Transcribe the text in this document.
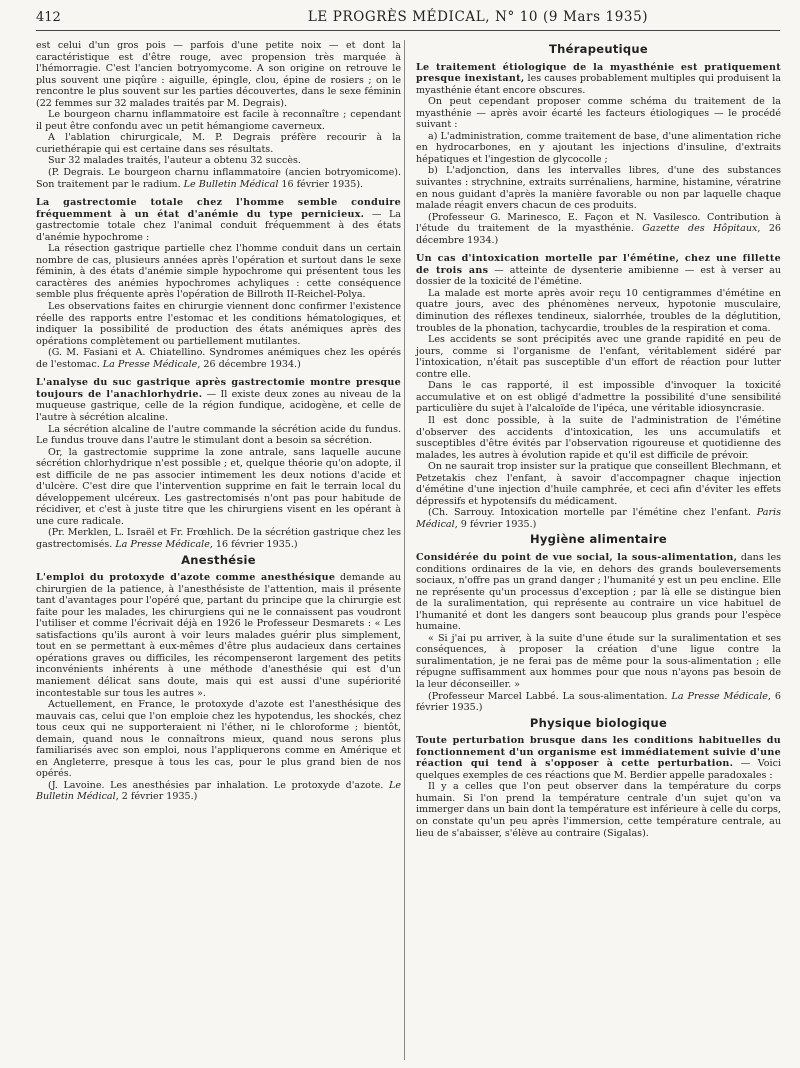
412	LE PROGRÈS MÉDICAL, N° 10 (9 Mars 1935)

est celui d'un gros pois — parfois d'une petite noix — et dont la caractéristique est d'être rouge, avec propension très marquée à l'hémorragie. C'est l'ancien botryomycome. A son origine on retrouve le plus souvent une piqûre : aiguille, épingle, clou, épine de rosiers ; on le rencontre le plus souvent sur les parties découvertes, dans le sexe féminin (22 femmes sur 32 malades traités par M. Degrais).

Le bourgeon charnu inflammatoire est facile à reconnaître ; cependant il peut être confondu avec un petit hémangiome caverneux.

A l'ablation chirurgicale, M. P. Degrais préfère recourir à la curiethérapie qui est certaine dans ses résultats.

Sur 32 malades traités, l'auteur a obtenu 32 succès.

(P. Degrais. Le bourgeon charnu inflammatoire (ancien botryomicome). Son traitement par le radium. Le Bulletin Médical 16 février 1935).

La gastrectomie totale chez l'homme semble conduire fréquemment à un état d'anémie du type pernicieux. — La gastrectomie totale chez l'animal conduit fréquemment à des états d'anémie hypochrome :

La résection gastrique partielle chez l'homme conduit dans un certain nombre de cas, plusieurs années après l'opération et surtout dans le sexe féminin, à des états d'anémie simple hypochrome qui présentent tous les caractères des anémies hypochromes achyliques : cette conséquence semble plus fréquente après l'opération de Billroth II-Reichel-Polya.

Les observations faites en chirurgie viennent donc confirmer l'existence réelle des rapports entre l'estomac et les conditions hématologiques, et indiquer la possibilité de production des états anémiques après des opérations complètement ou partiellement mutilantes.

(G. M. Fasiani et A. Chiatellino. Syndromes anémiques chez les opérés de l'estomac. La Presse Médicale, 26 décembre 1934.)

L'analyse du suc gastrique après gastrectomie montre presque toujours de l'anachlorhydrie. — Il existe deux zones au niveau de la muqueuse gastrique, celle de la région fundique, acidogène, et celle de l'autre à sécrétion alcaline.

La sécrétion alcaline de l'autre commande la sécrétion acide du fundus. Le fundus trouve dans l'autre le stimulant dont a besoin sa sécrétion.

Or, la gastrectomie supprime la zone antrale, sans laquelle aucune sécrétion chlorhydrique n'est possible ; et, quelque théorie qu'on adopte, il est difficile de ne pas associer intimement les deux notions d'acide et d'ulcère. C'est dire que l'intervention supprime en fait le terrain local du développement ulcéreux. Les gastrectomisés n'ont pas pour habitude de récidiver, et c'est à juste titre que les chirurgiens visent en les opérant à une cure radicale.

(Pr. Merklen, L. Israël et Fr. Frœhlich. De la sécrétion gastrique chez les gastrectomisés. La Presse Médicale, 16 février 1935.)

Anesthésie

L'emploi du protoxyde d'azote comme anesthésique demande au chirurgien de la patience, à l'anesthésiste de l'attention, mais il présente tant d'avantages pour l'opéré que, partant du principe que la chirurgie est faite pour les malades, les chirurgiens qui ne le connaissent pas voudront l'utiliser et comme l'écrivait déjà en 1926 le Professeur Desmarets : « Les satisfactions qu'ils auront à voir leurs malades guérir plus simplement, tout en se permettant à eux-mêmes d'être plus audacieux dans certaines opérations graves ou difficiles, les récompenseront largement des petits inconvénients inhérents à une méthode d'anesthésie qui est d'un maniement délicat sans doute, mais qui est aussi d'une supériorité incontestable sur tous les autres ».

Actuellement, en France, le protoxyde d'azote est l'anesthésique des mauvais cas, celui que l'on emploie chez les hypotendus, les shockés, chez tous ceux qui ne supporteraient ni l'éther, ni le chloroforme ; bientôt, demain, quand nous le connaîtrons mieux, quand nous serons plus familiarisés avec son emploi, nous l'appliquerons comme en Amérique et en Angleterre, presque à tous les cas, pour le plus grand bien de nos opérés.

(J. Lavoine. Les anesthésies par inhalation. Le protoxyde d'azote. Le Bulletin Médical, 2 février 1935.)

Thérapeutique

Le traitement étiologique de la myasthénie est pratiquement presque inexistant, les causes probablement multiples qui produisent la myasthénie étant encore obscures.

On peut cependant proposer comme schéma du traitement de la myasthénie — après avoir écarté les facteurs étiologiques — le procédé suivant :

a) L'administration, comme traitement de base, d'une alimentation riche en hydrocarbones, en y ajoutant les injections d'insuline, d'extraits hépatiques et l'ingestion de glycocolle ;

b) L'adjonction, dans les intervalles libres, d'une des substances suivantes : strychnine, extraits surrénaliens, harmine, histamine, vératrine en nous guidant d'après la manière favorable ou non par laquelle chaque malade réagit envers chacun de ces produits.

(Professeur G. Marinesco, E. Façon et N. Vasilesco. Contribution à l'étude du traitement de la myasthénie. Gazette des Hôpitaux, 26 décembre 1934.)

Un cas d'intoxication mortelle par l'émétine, chez une fillette de trois ans — atteinte de dysenterie amibienne — est à verser au dossier de la toxicité de l'émétine.

La malade est morte après avoir reçu 10 centigrammes d'émétine en quatre jours, avec des phénomènes nerveux, hypotonie musculaire, diminution des réflexes tendineux, sialorrhée, troubles de la déglutition, troubles de la phonation, tachycardie, troubles de la respiration et coma.

Les accidents se sont précipités avec une grande rapidité en peu de jours, comme si l'organisme de l'enfant, véritablement sidéré par l'intoxication, n'était pas susceptible d'un effort de réaction pour lutter contre elle.

Dans le cas rapporté, il est impossible d'invoquer la toxicité accumulative et on est obligé d'admettre la possibilité d'une sensibilité particulière du sujet à l'alcaloïde de l'ipéca, une véritable idiosyncrasie.

Il est donc possible, à la suite de l'administration de l'émétine d'observer des accidents d'intoxication, les uns accumulatifs et susceptibles d'être évités par l'observation rigoureuse et quotidienne des malades, les autres à évolution rapide et qu'il est difficile de prévoir.

On ne saurait trop insister sur la pratique que conseillent Blechmann, et Petzetakis chez l'enfant, à savoir d'accompagner chaque injection d'émétine d'une injection d'huile camphrée, et ceci afin d'éviter les effets dépressifs et hypotensifs du médicament.

(Ch. Sarrouy. Intoxication mortelle par l'émétine chez l'enfant. Paris Médical, 9 février 1935.)

Hygiène alimentaire

Considérée du point de vue social, la sous-alimentation, dans les conditions ordinaires de la vie, en dehors des grands bouleversements sociaux, n'offre pas un grand danger ; l'humanité y est un peu encline. Elle ne représente qu'un processus d'exception ; par là elle se distingue bien de la suralimentation, qui représente au contraire un vice habituel de l'humanité et dont les dangers sont beaucoup plus grands pour l'espèce humaine.

« Si j'ai pu arriver, à la suite d'une étude sur la suralimentation et ses conséquences, à proposer la création d'une ligue contre la suralimentation, je ne ferai pas de même pour la sous-alimentation ; elle répugne suffisamment aux hommes pour que nous n'ayons pas besoin de la leur déconseiller. »

(Professeur Marcel Labbé. La sous-alimentation. La Presse Médicale, 6 février 1935.)

Physique biologique

Toute perturbation brusque dans les conditions habituelles du fonctionnement d'un organisme est immédiatement suivie d'une réaction qui tend à s'opposer à cette perturbation. — Voici quelques exemples de ces réactions que M. Berdier appelle paradoxales :

Il y a celles que l'on peut observer dans la température du corps humain. Si l'on prend la température centrale d'un sujet qu'on va immerger dans un bain dont la température est inférieure à celle du corps, on constate qu'un peu après l'immersion, cette température centrale, au lieu de s'abaisser, s'élève au contraire (Sigalas).
